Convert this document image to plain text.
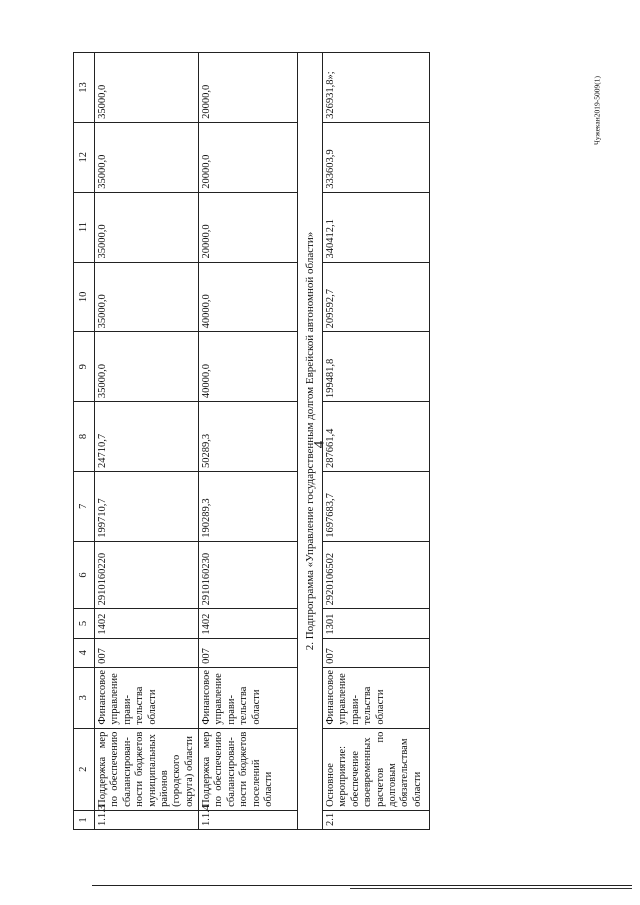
4
Чужекан2019-5009(1)
1	2	3	4	5	6	7	8	9	10	11	12	13
1.1.3	Поддержка мер по обеспечению сбалансирован-ности бюджетов муниципальных районов (городского округа) области	Финансовое управление прави-тельства области	007	1402	2910160220	199710,7	24710,7	35000,0	35000,0	35000,0	35000,0	35000,0
1.1.4	Поддержка мер по обеспечению сбалансирован-ности бюджетов поселений области	Финансовое управление прави-тельства области	007	1402	2910160230	190289,3	50289,3	40000,0	40000,0	20000,0	20000,0	20000,0
2. Подпрограмма «Управление государственным долгом Еврейской автономной области»												
2.1	Основное мероприятие: обеспечение своевременных расчетов по долговым обязательствам области	Финансовое управление прави-тельства области	007	1301	2920106502	1697683,7	287661,4	199481,8	209592,7	340412,1	333603,9	326931,8»;
